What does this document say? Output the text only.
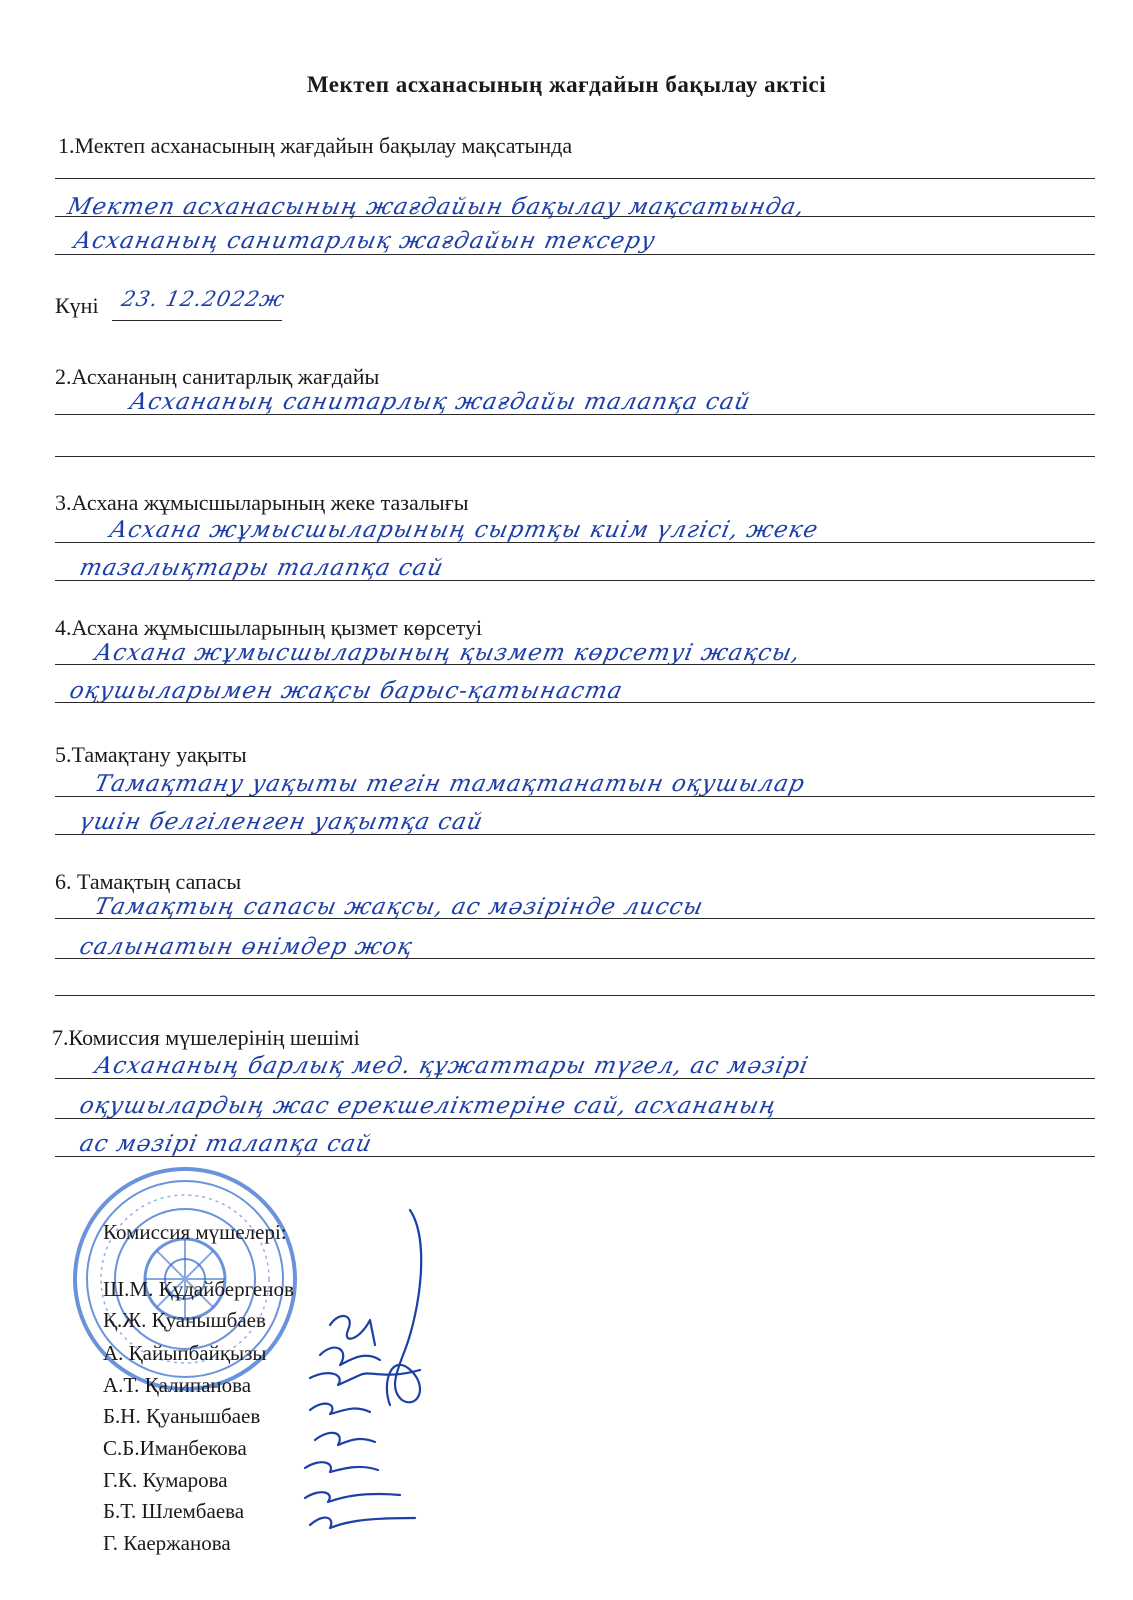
Мектеп асханасының жағдайын бақылау актісі
1.Мектеп асханасының жағдайын бақылау мақсатында
Мектеп асханасының жағдайын бақылау мақсатында,
Асхананың санитарлық жағдайын тексеру
Күні 23. 12.2022ж
2.Асхананың санитарлық жағдайы
Асхананың санитарлық жағдайы талапқа сай
3.Асхана жұмысшыларының жеке тазалығы
Асхана жұмысшыларының сыртқы киім үлгісі, жеке
тазалықтары талапқа сай
4.Асхана жұмысшыларының қызмет көрсетуі
Асхана жұмысшыларының қызмет көрсетуі жақсы,
оқушыларымен жақсы барыс-қатынаста
5.Тамақтану уақыты
Тамақтану уақыты тегін тамақтанатын оқушылар
үшін белгіленген уақытқа сай
6. Тамақтың сапасы
Тамақтың сапасы жақсы, ас мәзірінде лиссы
салынатын өнімдер жоқ
7.Комиссия мүшелерінің шешімі
Асхананың барлық мед. құжаттары түгел, ас мәзірі
оқушылардың жас ерекшеліктеріне сай, асхананың
ас мәзірі талапқа сай
Комиссия мүшелері:
Ш.М. Құдайбергенов
Қ.Ж. Қуанышбаев
А. Қайыпбайқызы
А.Т. Қалипанова
Б.Н. Қуанышбаев
С.Б.Иманбекова
Г.К. Кумарова
Б.Т. Шлембаева
Г. Каержанова
